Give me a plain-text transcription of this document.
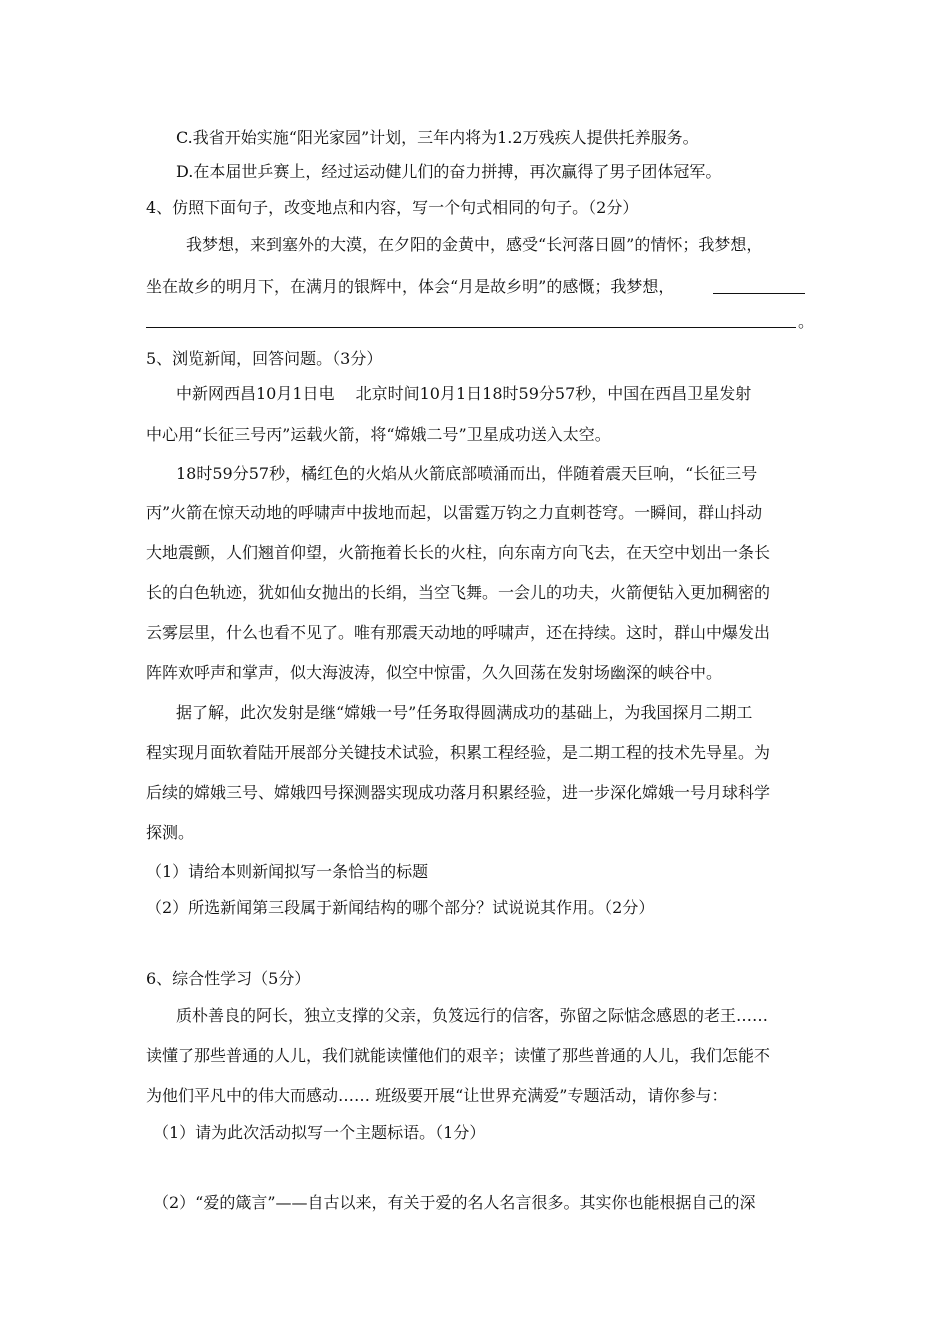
C.我省开始实施“阳光家园”计划，三年内将为1.2万残疾人提供托养服务。
D.在本届世乒赛上，经过运动健儿们的奋力拼搏，再次赢得了男子团体冠军。
4、仿照下面句子，改变地点和内容，写一个句式相同的句子。（2分）
我梦想，来到塞外的大漠，在夕阳的金黄中，感受“长河落日圆”的情怀；我梦想，
坐在故乡的明月下，在满月的银辉中，体会“月是故乡明”的感慨；我梦想，
。
5、浏览新闻，回答问题。（3分）
中新网西昌10月1日电　 北京时间10月1日18时59分57秒，中国在西昌卫星发射
中心用“长征三号丙”运载火箭，将“嫦娥二号”卫星成功送入太空。
18时59分57秒，橘红色的火焰从火箭底部喷涌而出，伴随着震天巨响，“长征三号
丙”火箭在惊天动地的呼啸声中拔地而起，以雷霆万钧之力直刺苍穹。一瞬间，群山抖动
大地震颤，人们翘首仰望，火箭拖着长长的火柱，向东南方向飞去，在天空中划出一条长
长的白色轨迹，犹如仙女抛出的长绢，当空飞舞。一会儿的功夫，火箭便钻入更加稠密的
云雾层里，什么也看不见了。唯有那震天动地的呼啸声，还在持续。这时，群山中爆发出
阵阵欢呼声和掌声，似大海波涛，似空中惊雷，久久回荡在发射场幽深的峡谷中。
据了解，此次发射是继“嫦娥一号”任务取得圆满成功的基础上，为我国探月二期工
程实现月面软着陆开展部分关键技术试验，积累工程经验，是二期工程的技术先导星。为
后续的嫦娥三号、嫦娥四号探测器实现成功落月积累经验，进一步深化嫦娥一号月球科学
探测。
（1）请给本则新闻拟写一条恰当的标题
（2）所选新闻第三段属于新闻结构的哪个部分？试说说其作用。（2分）
6、综合性学习（5分）
质朴善良的阿长，独立支撑的父亲，负笈远行的信客，弥留之际惦念感恩的老王……
读懂了那些普通的人儿，我们就能读懂他们的艰辛；读懂了那些普通的人儿，我们怎能不
为他们平凡中的伟大而感动…… 班级要开展“让世界充满爱”专题活动，请你参与：
（1）请为此次活动拟写一个主题标语。（1分）
（2）“爱的箴言”——自古以来，有关于爱的名人名言很多。其实你也能根据自己的深
